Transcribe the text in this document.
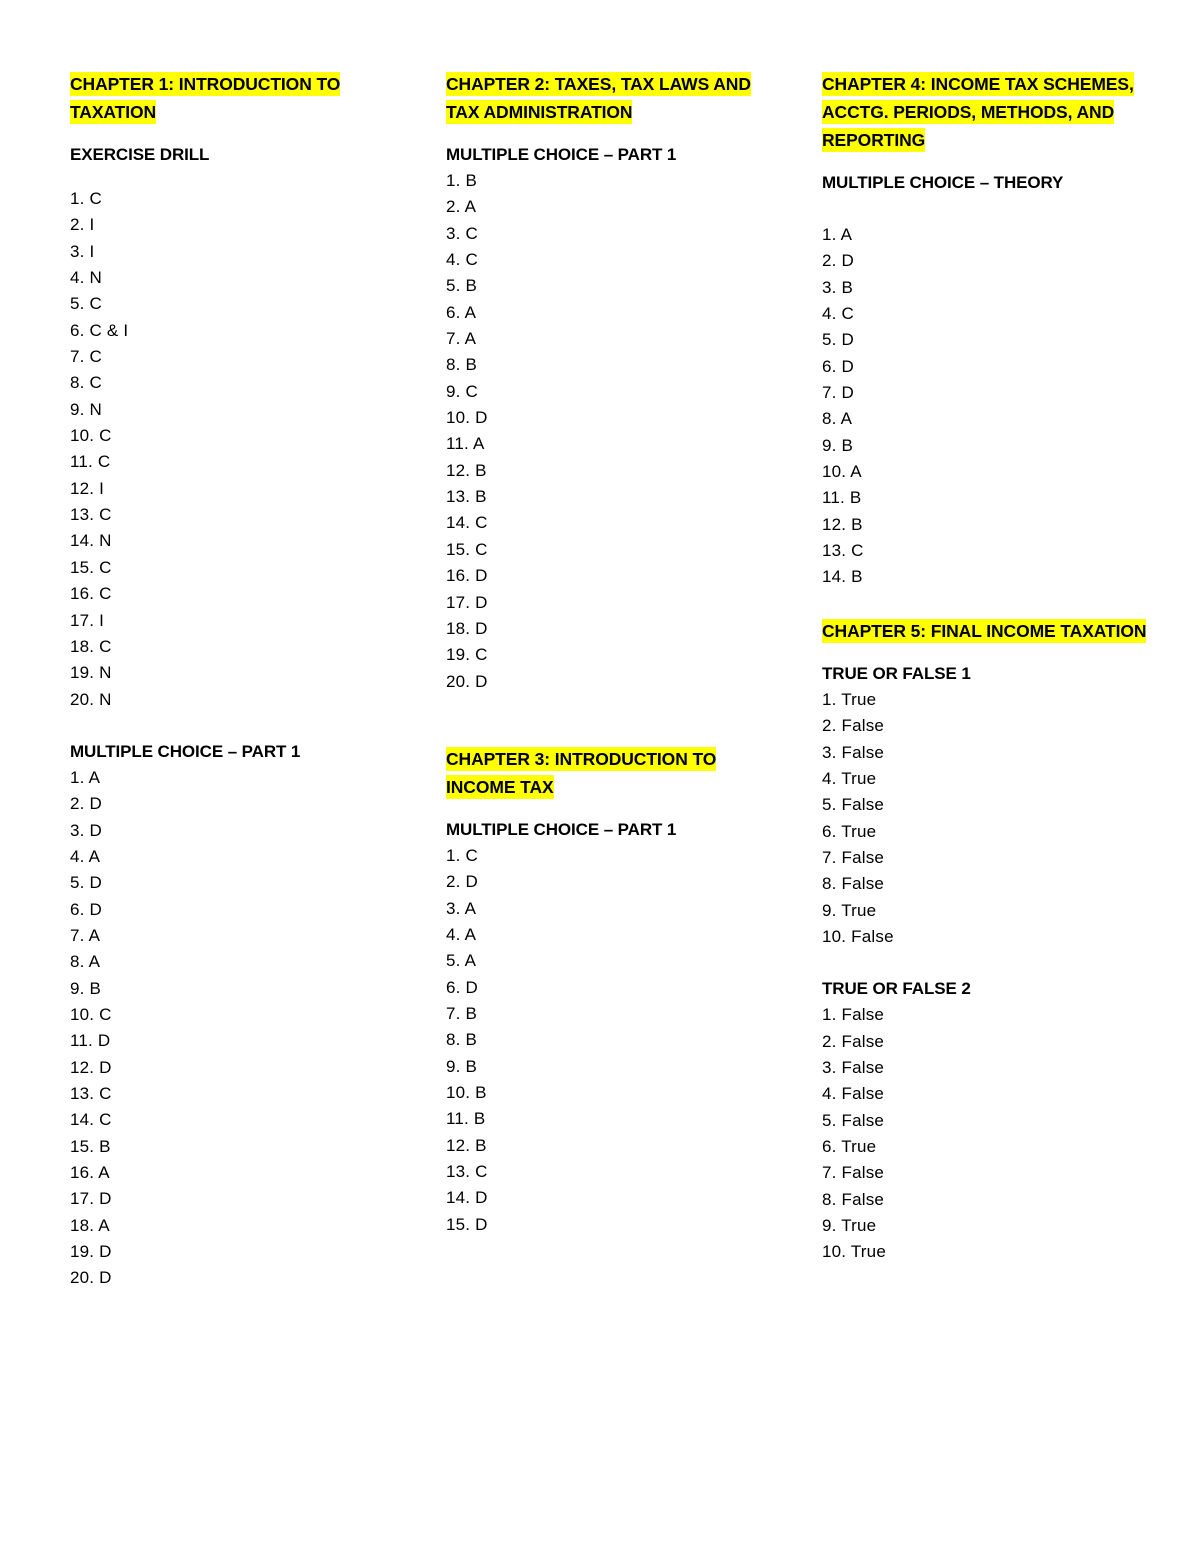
CHAPTER 1: INTRODUCTION TO TAXATION
EXERCISE DRILL
1. C
2. I
3. I
4. N
5. C
6. C & I
7. C
8. C
9. N
10. C
11. C
12. I
13. C
14. N
15. C
16. C
17. I
18. C
19. N
20. N
MULTIPLE CHOICE – PART 1
1. A
2. D
3. D
4. A
5. D
6. D
7. A
8. A
9. B
10. C
11. D
12. D
13. C
14. C
15. B
16. A
17. D
18. A
19. D
20. D
CHAPTER 2: TAXES, TAX LAWS AND TAX ADMINISTRATION
MULTIPLE CHOICE – PART 1
1. B
2. A
3. C
4. C
5. B
6. A
7. A
8. B
9. C
10. D
11. A
12. B
13. B
14. C
15. C
16. D
17. D
18. D
19. C
20. D
CHAPTER 3: INTRODUCTION TO INCOME TAX
MULTIPLE CHOICE – PART 1
1. C
2. D
3. A
4. A
5. A
6. D
7. B
8. B
9. B
10. B
11. B
12. B
13. C
14. D
15. D
CHAPTER 4: INCOME TAX SCHEMES, ACCTG. PERIODS, METHODS, AND REPORTING
MULTIPLE CHOICE – THEORY
1. A
2. D
3. B
4. C
5. D
6. D
7. D
8. A
9. B
10. A
11. B
12. B
13. C
14. B
CHAPTER 5: FINAL INCOME TAXATION
TRUE OR FALSE 1
1. True
2. False
3. False
4. True
5. False
6. True
7. False
8. False
9. True
10. False
TRUE OR FALSE 2
1. False
2. False
3. False
4. False
5. False
6. True
7. False
8. False
9. True
10. True
